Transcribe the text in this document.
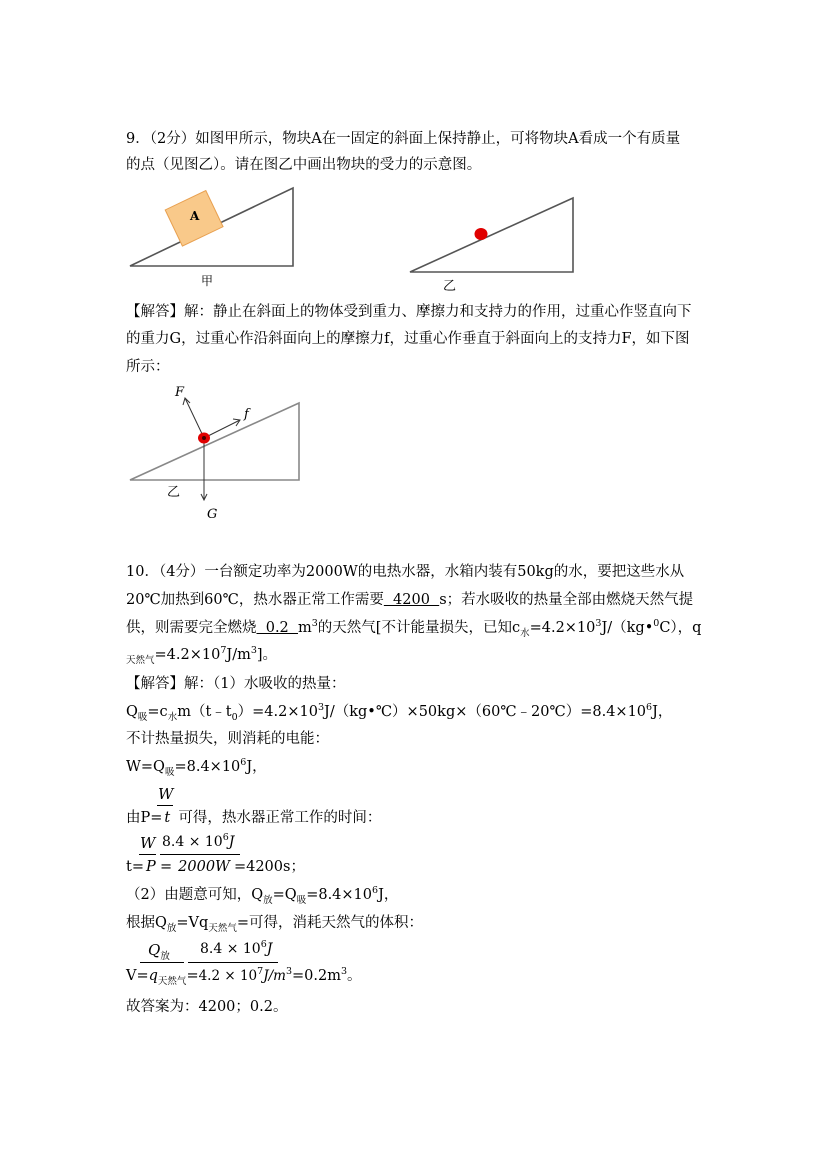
9．（2分）如图甲所示，物块A在一固定的斜面上保持静止，可将物块A看成一个有质量
的点（见图乙）。请在图乙中画出物块的受力的示意图。
A
甲	乙
【解答】解：静止在斜面上的物体受到重力、摩擦力和支持力的作用，过重心作竖直向下
的重力G，过重心作沿斜面向上的摩擦力f，过重心作垂直于斜面向上的支持力F，如下图
所示：
F
f
G
乙
10．（4分）一台额定功率为2000W的电热水器，水箱内装有50kg的水，要把这些水从
20℃加热到60℃，热水器正常工作需要  4200  s；若水吸收的热量全部由燃烧天然气提
供，则需要完全燃烧  0.2  $m^3$的天然气[不计能量损失，已知$c_水=4.2\times 10^3J/(kg•^0C)$，q
$_{天然气}=4.2\times 10^7J/m^3$]。
【解答】解：（1）水吸收的热量：
$Q_吸=c_水m(t﹣t_0)=4.2\times 10^3J/(kg•℃)\times 50kg\times(60℃﹣20℃)=8.4\times 10^6J$，
不计热量损失，则消耗的电能：
$W=Q_吸=8.4\times 10^6J$，
W
由P= t 可得，热水器正常工作的时间：
W $8.4 \times 10^6J$
t= P = 2000W =4200s；
（2）由题意可知，$Q_放=Q_吸=8.4\times 10^6J$，
根据$Q_放=Vq_{天然气}=$可得，消耗天然气的体积：
$Q_放$ $8.4 \times 10^6J$
$V=q_{天然气}=4.2 \times 10^7J/m^3=0.2m^3$。
故答案为：4200；0.2。
